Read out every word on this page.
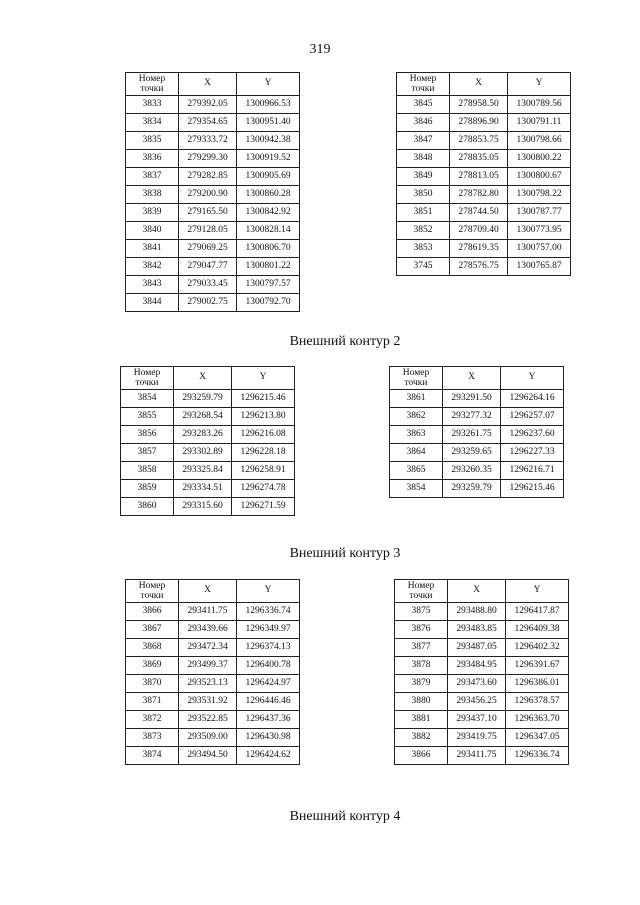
319
Номер
точки	X	Y
3833	279392.05	1300966.53
3834	279354.65	1300951.40
3835	279333.72	1300942.38
3836	279299.30	1300919.52
3837	279282.85	1300905.69
3838	279200.90	1300860.28
3839	279165.50	1300842.92
3840	279128.05	1300828.14
3841	279069.25	1300806.70
3842	279047.77	1300801.22
3843	279033.45	1300797.57
3844	279002.75	1300792.70
Номер
точки	X	Y
3845	278958.50	1300789.56
3846	278896.90	1300791.11
3847	278853.75	1300798.66
3848	278835.05	1300800.22
3849	278813.05	1300800.67
3850	278782.80	1300798.22
3851	278744.50	1300787.77
3852	278709.40	1300773.95
3853	278619.35	1300757.00
3745	278576.75	1300765.87
Внешний контур 2
Номер
точки	X	Y
3854	293259.79	1296215.46
3855	293268.54	1296213.80
3856	293283.26	1296216.08
3857	293302.89	1296228.18
3858	293325.84	1296258.91
3859	293334.51	1296274.78
3860	293315.60	1296271.59
Номер
точки	X	Y
3861	293291.50	1296264.16
3862	293277.32	1296257.07
3863	293261.75	1296237.60
3864	293259.65	1296227.33
3865	293260.35	1296216.71
3854	293259.79	1296215.46
Внешний контур 3
Номер
точки	X	Y
3866	293411.75	1296336.74
3867	293439.66	1296349.97
3868	293472.34	1296374.13
3869	293499.37	1296400.78
3870	293523.13	1296424.97
3871	293531.92	1296446.46
3872	293522.85	1296437.36
3873	293509.00	1296430.98
3874	293494.50	1296424.62
Номер
точки	X	Y
3875	293488.80	1296417.87
3876	293483.85	1296409.38
3877	293487.05	1296402.32
3878	293484.95	1296391.67
3879	293473.60	1296386.01
3880	293456.25	1296378.57
3881	293437.10	1296363.70
3882	293419.75	1296347.05
3866	293411.75	1296336.74
Внешний контур 4
